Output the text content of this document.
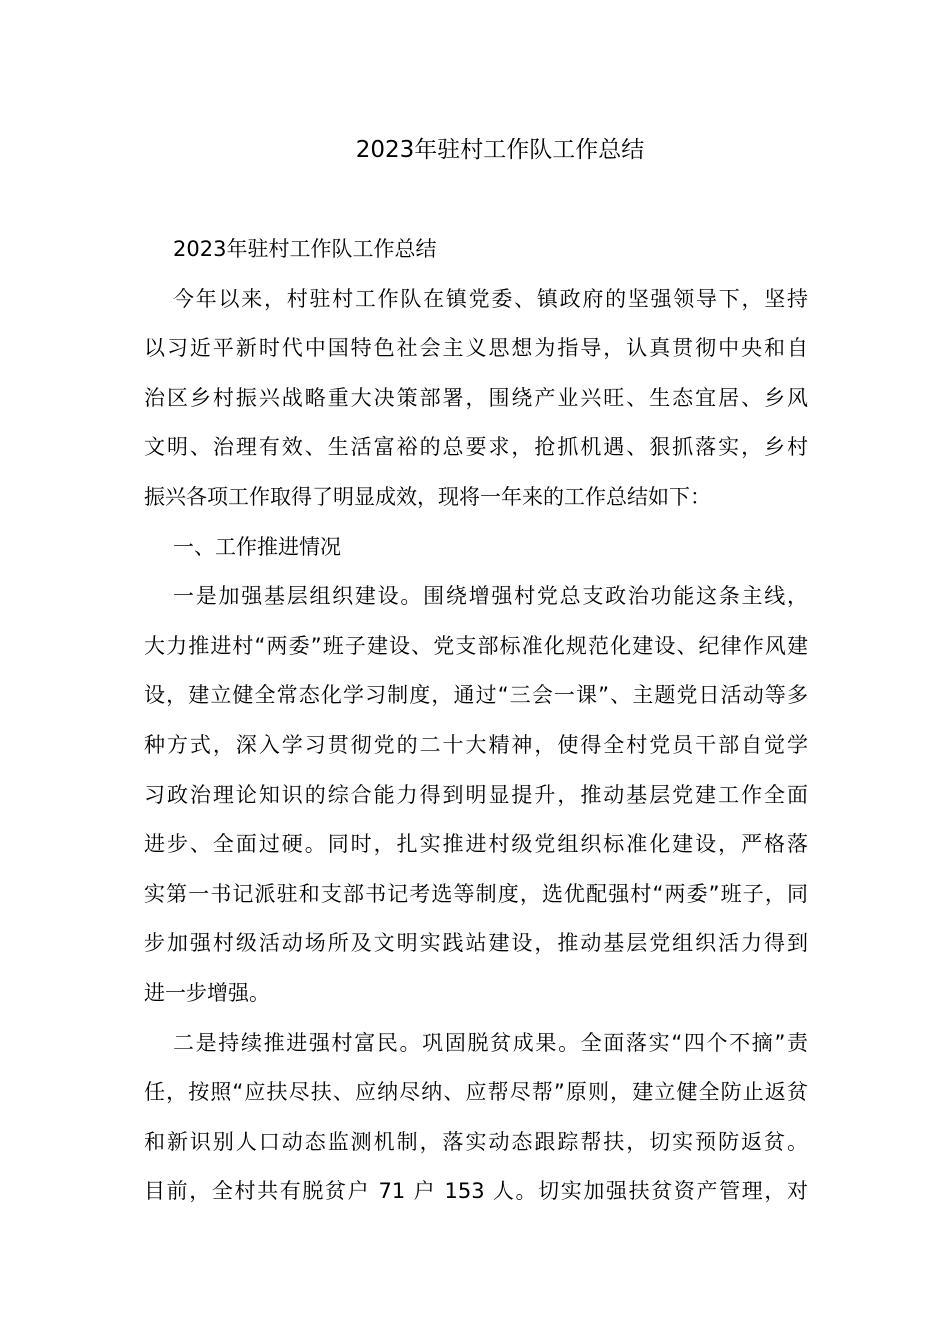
2023年驻村工作队工作总结
2023年驻村工作队工作总结
今年以来，村驻村工作队在镇党委、镇政府的坚强领导下，坚持
以习近平新时代中国特色社会主义思想为指导，认真贯彻中央和自
治区乡村振兴战略重大决策部署，围绕产业兴旺、生态宜居、乡风
文明、治理有效、生活富裕的总要求，抢抓机遇、狠抓落实，乡村
振兴各项工作取得了明显成效，现将一年来的工作总结如下：
一、工作推进情况
一是加强基层组织建设。围绕增强村党总支政治功能这条主线，
大力推进村“两委”班子建设、党支部标准化规范化建设、纪律作风建
设，建立健全常态化学习制度，通过“三会一课”、主题党日活动等多
种方式，深入学习贯彻党的二十大精神，使得全村党员干部自觉学
习政治理论知识的综合能力得到明显提升，推动基层党建工作全面
进步、全面过硬。同时，扎实推进村级党组织标准化建设，严格落
实第一书记派驻和支部书记考选等制度，选优配强村“两委”班子，同
步加强村级活动场所及文明实践站建设，推动基层党组织活力得到
进一步增强。
二是持续推进强村富民。巩固脱贫成果。全面落实“四个不摘”责
任，按照“应扶尽扶、应纳尽纳、应帮尽帮”原则，建立健全防止返贫
和新识别人口动态监测机制，落实动态跟踪帮扶，切实预防返贫。
目前，全村共有脱贫户 71 户 153 人。切实加强扶贫资产管理，对
